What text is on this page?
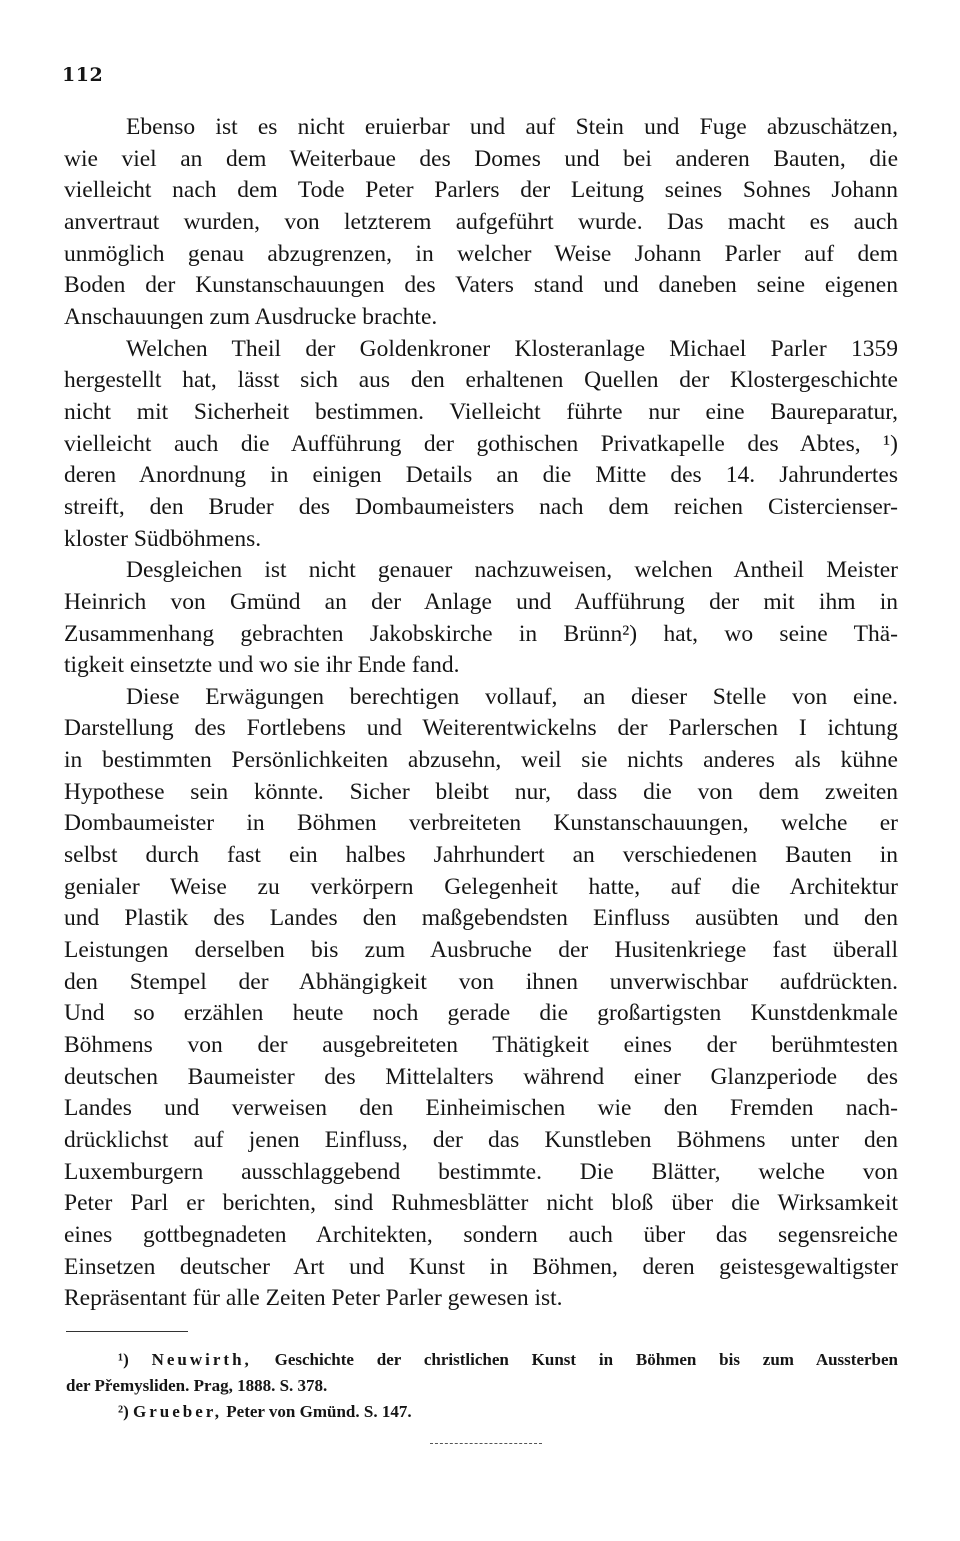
112

Ebenso ist es nicht eruierbar und auf Stein und Fuge abzuschätzen,
wie viel an dem Weiterbaue des Domes und bei anderen Bauten, die
vielleicht nach dem Tode Peter Parlers der Leitung seines Sohnes Johann
anvertraut wurden, von letzterem aufgeführt wurde. Das macht es auch
unmöglich genau abzugrenzen, in welcher Weise Johann Parler auf dem
Boden der Kunstanschauungen des Vaters stand und daneben seine eigenen
Anschauungen zum Ausdrucke brachte.

Welchen Theil der Goldenkroner Klosteranlage Michael Parler 1359
hergestellt hat, lässt sich aus den erhaltenen Quellen der Klostergeschichte
nicht mit Sicherheit bestimmen. Vielleicht führte nur eine Baureparatur,
vielleicht auch die Aufführung der gothischen Privatkapelle des Abtes, ¹)
deren Anordnung in einigen Details an die Mitte des 14. Jahrundertes
streift, den Bruder des Dombaumeisters nach dem reichen Cistercienser-
kloster Südböhmens.

Desgleichen ist nicht genauer nachzuweisen, welchen Antheil Meister
Heinrich von Gmünd an der Anlage und Aufführung der mit ihm in
Zusammenhang gebrachten Jakobskirche in Brünn²) hat, wo seine Thä-
tigkeit einsetzte und wo sie ihr Ende fand.

Diese Erwägungen berechtigen vollauf, an dieser Stelle von eine.
Darstellung des Fortlebens und Weiterentwickelns der Parlerschen I ichtung
in bestimmten Persönlichkeiten abzusehn, weil sie nichts anderes als kühne
Hypothese sein könnte. Sicher bleibt nur, dass die von dem zweiten
Dombaumeister in Böhmen verbreiteten Kunstanschauungen, welche er
selbst durch fast ein halbes Jahrhundert an verschiedenen Bauten in
genialer Weise zu verkörpern Gelegenheit hatte, auf die Architektur
und Plastik des Landes den maßgebendsten Einfluss ausübten und den
Leistungen derselben bis zum Ausbruche der Husitenkriege fast überall
den Stempel der Abhängigkeit von ihnen unverwischbar aufdrückten.
Und so erzählen heute noch gerade die großartigsten Kunstdenkmale
Böhmens von der ausgebreiteten Thätigkeit eines der berühmtesten
deutschen Baumeister des Mittelalters während einer Glanzperiode des
Landes und verweisen den Einheimischen wie den Fremden nach-
drücklichst auf jenen Einfluss, der das Kunstleben Böhmens unter den
Luxemburgern ausschlaggebend bestimmte. Die Blätter, welche von
Peter Parl er berichten, sind Ruhmesblätter nicht bloß über die Wirksamkeit
eines gottbegnadeten Architekten, sondern auch über das segensreiche
Einsetzen deutscher Art und Kunst in Böhmen, deren geistesgewaltigster
Repräsentant für alle Zeiten Peter Parler gewesen ist.

¹) Neuwirth, Geschichte der christlichen Kunst in Böhmen bis zum Aussterben
der Přemysliden. Prag, 1888. S. 378.
²) Grueber, Peter von Gmünd. S. 147.
